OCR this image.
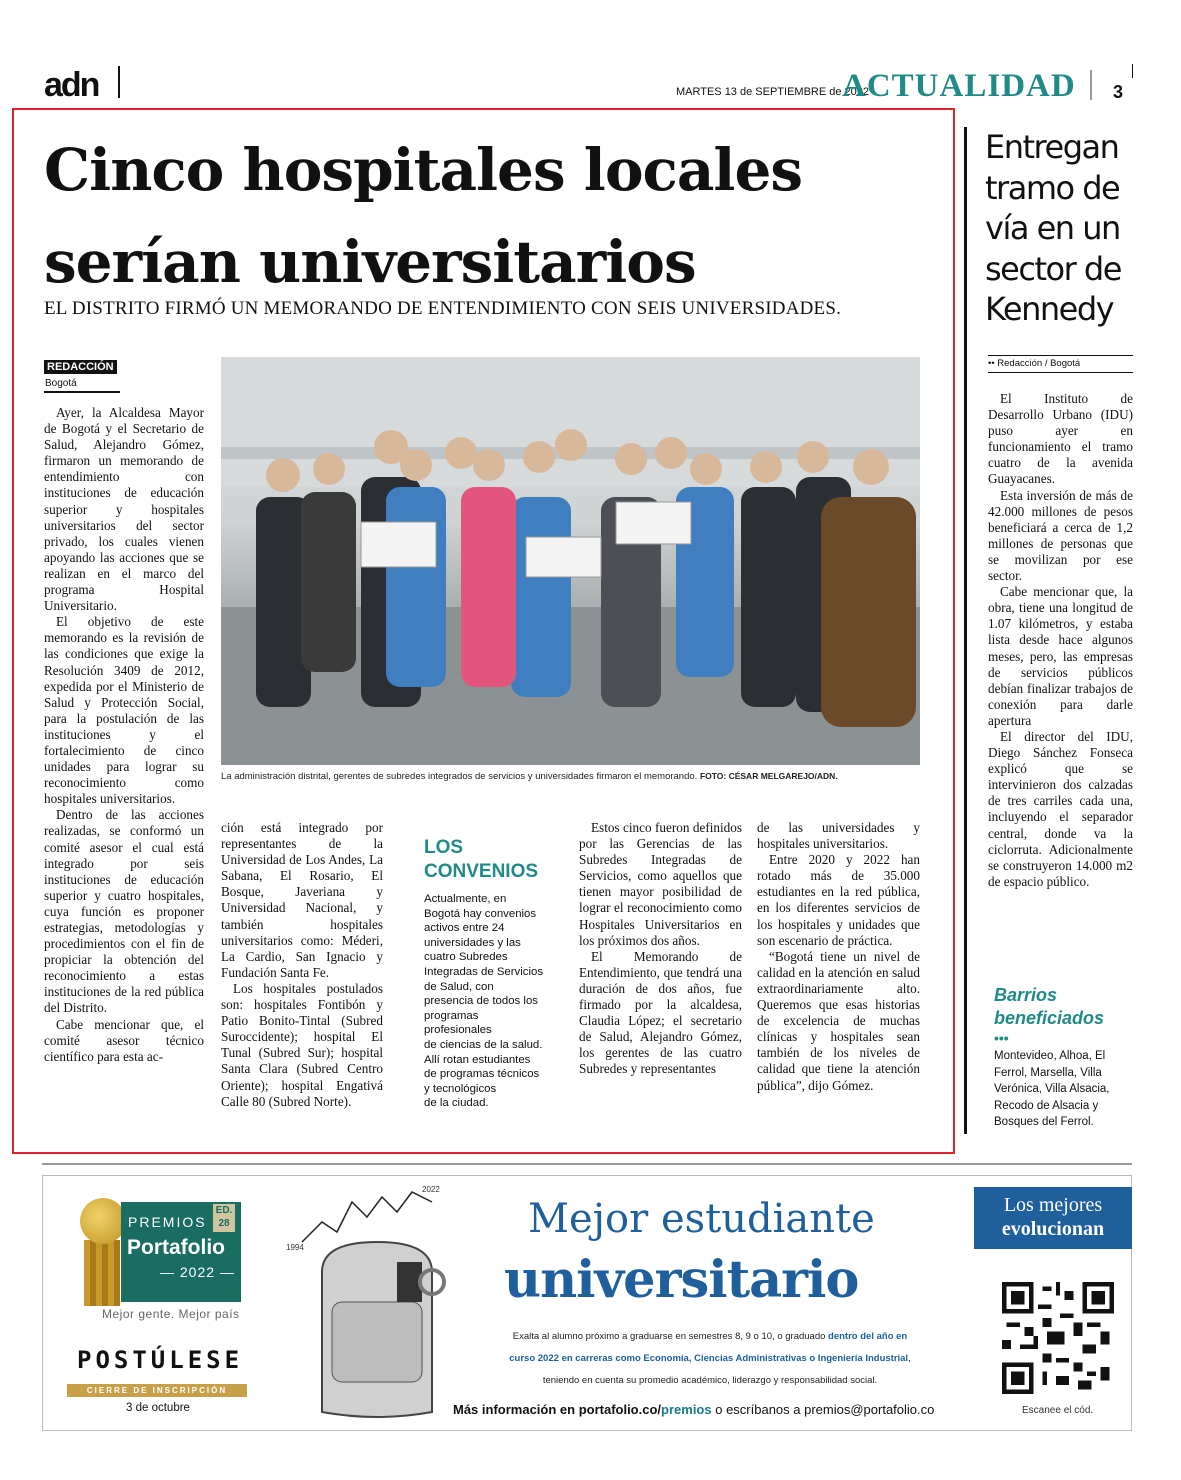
adn	MARTES 13 de SEPTIEMBRE de 2022
ACTUALIDAD 3
Cinco hospitales locales
serían universitarios
EL DISTRITO FIRMÓ UN MEMORANDO DE ENTENDIMIENTO CON SEIS UNIVERSIDADES.
REDACCIÓN
Bogotá

Ayer, la Alcaldesa Mayor de Bogotá y el Secretario de Salud, Alejandro Gómez, firmaron un memorando de entendimiento con instituciones de educación superior y hospitales universitarios del sector privado, los cuales vienen apoyando las acciones que se realizan en el marco del programa Hospital Universitario.

El objetivo de este memorando es la revisión de las condiciones que exige la Resolución 3409 de 2012, expedida por el Ministerio de Salud y Protección Social, para la postulación de las instituciones y el fortalecimiento de cinco unidades para lograr su reconocimiento como hospitales universitarios.

Dentro de las acciones realizadas, se conformó un comité asesor el cual está integrado por seis instituciones de educación superior y cuatro hospitales, cuya función es proponer estrategias, metodologías y procedimientos con el fin de propiciar la obtención del reconocimiento a estas instituciones de la red pública del Distrito.

Cabe mencionar que, el comité asesor técnico científico para esta ac-

La administración distrital, gerentes de subredes integrados de servicios y universidades firmaron el memorando. FOTO: CÉSAR MELGAREJO/ADN.

ción está integrado por representantes de la Universidad de Los Andes, La Sabana, El Rosario, El Bosque, Javeriana y Universidad Nacional, y también hospitales universitarios como: Méderi, La Cardio, San Ignacio y Fundación Santa Fe.

Los hospitales postulados son: hospitales Fontibón y Patio Bonito-Tintal (Subred Suroccidente); hospital El Tunal (Subred Sur); hospital Santa Clara (Subred Centro Oriente); hospital Engativá Calle 80 (Subred Norte).

LOS
CONVENIOS
Actualmente, en
Bogotá hay convenios
activos entre 24
universidades y las
cuatro Subredes
Integradas de Servicios
de Salud, con
presencia de todos los
programas
profesionales
de ciencias de la salud.
Allí rotan estudiantes
de programas técnicos
y tecnológicos
de la ciudad.

Estos cinco fueron definidos por las Gerencias de las Subredes Integradas de Servicios, como aquellos que tienen mayor posibilidad de lograr el reconocimiento como Hospitales Universitarios en los próximos dos años.

El Memorando de Entendimiento, que tendrá una duración de dos años, fue firmado por la alcaldesa, Claudia López; el secretario de Salud, Alejandro Gómez, los gerentes de las cuatro Subredes y representantes

de las universidades y hospitales universitarios.

Entre 2020 y 2022 han rotado más de 35.000 estudiantes en la red pública, en los diferentes servicios de los hospitales y unidades que son escenario de práctica.

“Bogotá tiene un nivel de calidad en la atención en salud extraordinariamente alto. Queremos que esas historias de excelencia de muchas clínicas y hospitales sean también de los niveles de calidad que tiene la atención pública”, dijo Gómez.

Entregan
tramo de
vía en un
sector de
Kennedy
•• Redacción / Bogotá

El Instituto de Desarrollo Urbano (IDU) puso ayer en funcionamiento el tramo cuatro de la avenida Guayacanes.

Esta inversión de más de 42.000 millones de pesos beneficiará a cerca de 1,2 millones de personas que se movilizan por ese sector.

Cabe mencionar que, la obra, tiene una longitud de 1.07 kilómetros, y estaba lista desde hace algunos meses, pero, las empresas de servicios públicos debían finalizar trabajos de conexión para darle apertura

El director del IDU, Diego Sánchez Fonseca explicó que se intervinieron dos calzadas de tres carriles cada una, incluyendo el separador central, donde va la ciclorruta. Adicionalmente se construyeron 14.000 m2 de espacio público.

Barrios
beneficiados
•••
Montevideo, Alhoa, El Ferrol, Marsella, Villa Verónica, Villa Alsacia, Recodo de Alsacia y Bosques del Ferrol.
PREMIOS
ED.
28
Portafolio
— 2022 —
Mejor gente. Mejor país
POSTÚLESE
CIERRE DE INSCRIPCIÓN
3 de octubre
1994
2022
Mejor estudiante
universitario
Exalta al alumno próximo a graduarse en semestres 8, 9 o 10, o graduado dentro del año en curso 2022 en carreras como Economía, Ciencias Administrativas o Ingeniería Industrial, teniendo en cuenta su promedio académico, liderazgo y responsabilidad social.
Más información en portafolio.co/premios o escríbanos a premios@portafolio.co
Los mejores
evolucionan
Escanee el cód.
